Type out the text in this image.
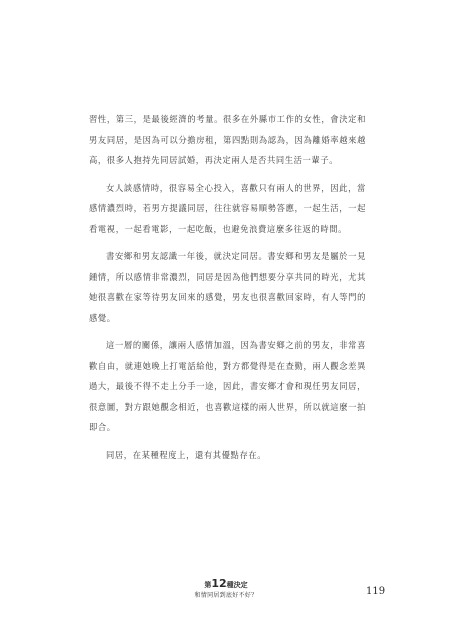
習性，第三，是最後經濟的考量。很多在外縣市工作的女性，會決定和男友同居，是因為可以分擔房租，第四點則為認為，因為離婚率越來越高，很多人抱持先同居試婚，再決定兩人是否共同生活一輩子。

女人談感情時，很容易全心投入，喜歡只有兩人的世界，因此，當感情濃烈時，若男方提議同居，往往就容易順勢答應，一起生活，一起看電視，一起看電影，一起吃飯，也避免浪費這麼多往返的時間。

書安鄉和男友認識一年後，就決定同居。書安鄉和男友是屬於一見鍾情，所以感情非常濃烈，同居是因為他們想要分享共同的時光，尤其她很喜歡在家等待男友回來的感覺，男友也很喜歡回家時，有人等門的感覺。

這一層的關係，讓兩人感情加溫，因為書安鄉之前的男友，非常喜歡自由，就連她晚上打電話給他，對方都覺得是在查勤，兩人觀念差異過大，最後不得不走上分手一途，因此，書安鄉才會和現任男友同居，很意圖，對方跟她觀念相近，也喜歡這樣的兩人世界，所以就這麼一拍即合。

同居，在某種程度上，還有其優點存在。

第12種決定
和情同居到底好不好？	119
